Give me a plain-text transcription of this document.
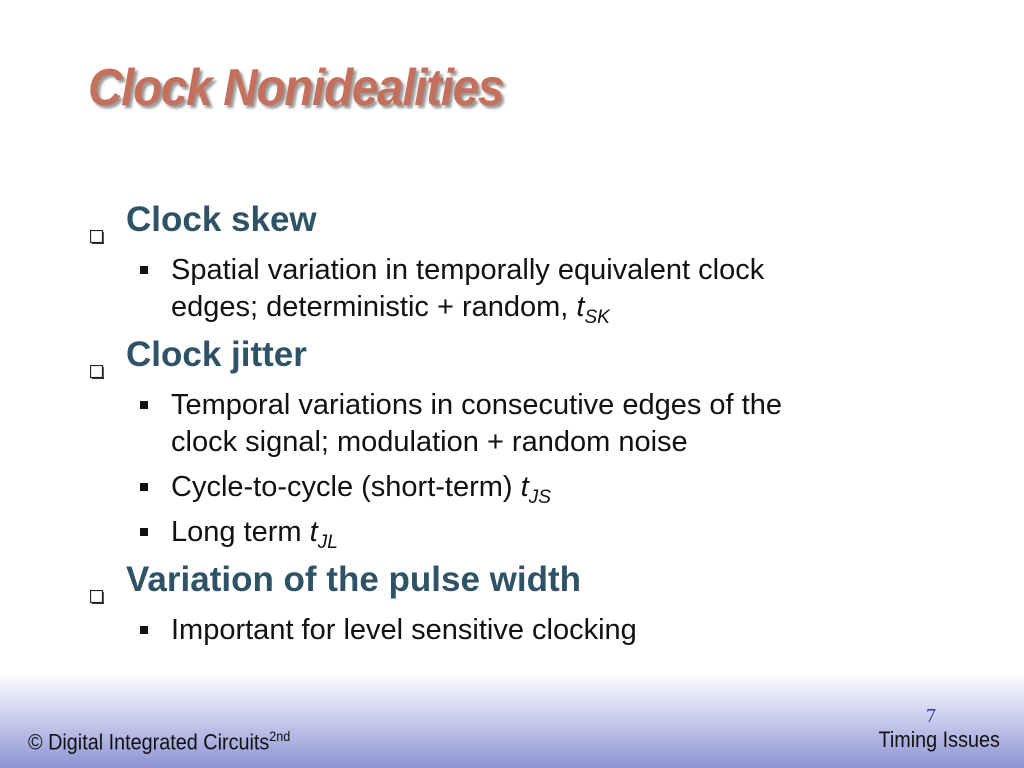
Clock Nonidealities
Clock skew
Spatial variation in temporally equivalent clock
edges; deterministic + random, $t_{SK}$
Clock jitter
Temporal variations in consecutive edges of the
clock signal; modulation + random noise
Cycle-to-cycle (short-term) $t_{JS}$
Long term $t_{JL}$
Variation of the pulse width
Important for level sensitive clocking
7
© Digital Integrated Circuits$^{2nd}$	Timing Issues
